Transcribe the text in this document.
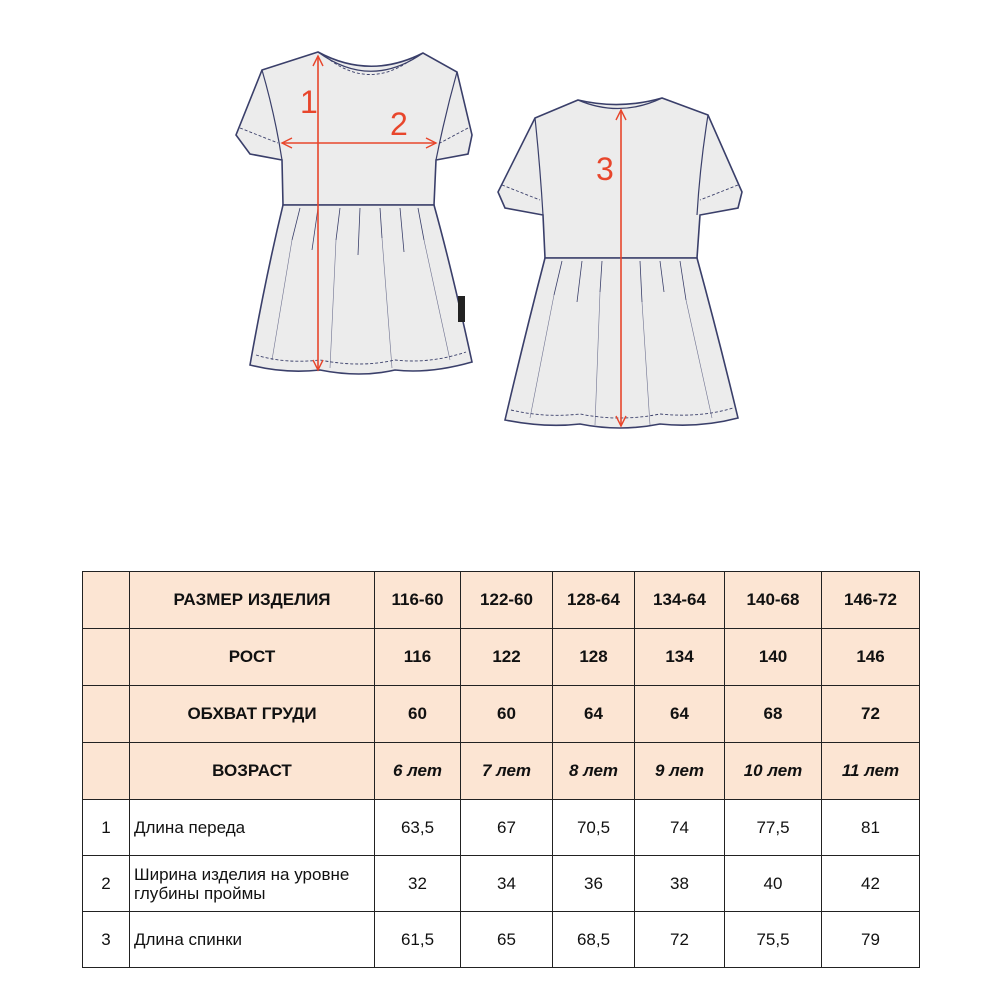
1
2
3
	РАЗМЕР ИЗДЕЛИЯ	116-60	122-60	128-64	134-64	140-68	146-72
	РОСТ	116	122	128	134	140	146
	ОБХВАТ ГРУДИ	60	60	64	64	68	72
	ВОЗРАСТ	6 лет	7 лет	8 лет	9 лет	10 лет	11 лет
1	Длина переда	63,5	67	70,5	74	77,5	81
2	Ширина изделия на уровне глубины проймы	32	34	36	38	40	42
3	Длина спинки	61,5	65	68,5	72	75,5	79
